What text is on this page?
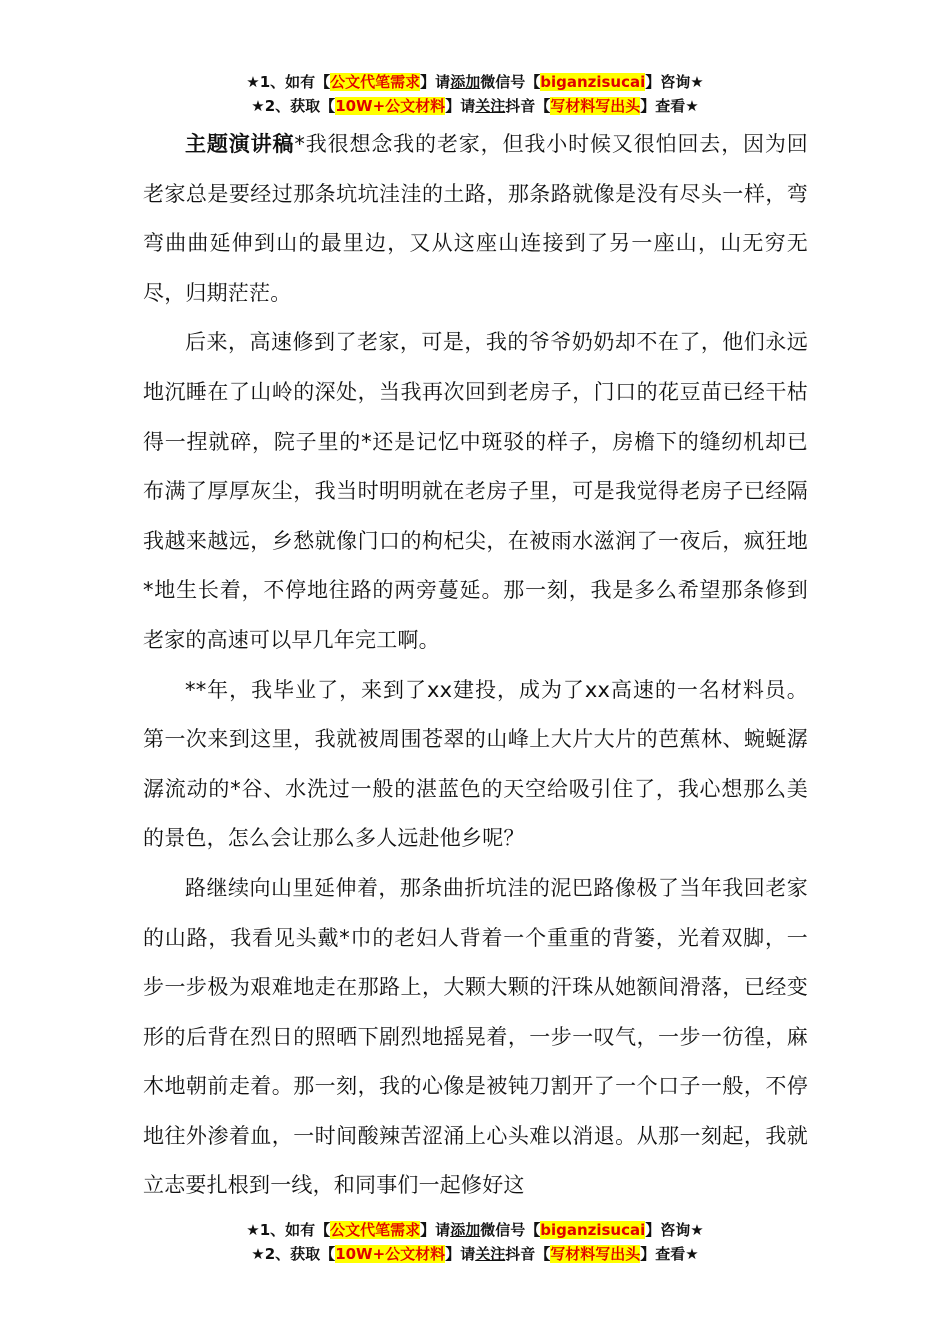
★1、如有【公文代笔需求】请添加微信号【biganzisucai】咨询★
★2、获取【10W+公文材料】请关注抖音【写材料写出头】查看★

主题演讲稿*我很想念我的老家，但我小时候又很怕回去，因为回老家总是要经过那条坑坑洼洼的土路，那条路就像是没有尽头一样，弯弯曲曲延伸到山的最里边，又从这座山连接到了另一座山，山无穷无尽，归期茫茫。

后来，高速修到了老家，可是，我的爷爷奶奶却不在了，他们永远地沉睡在了山岭的深处，当我再次回到老房子，门口的花豆苗已经干枯得一捏就碎，院子里的*还是记忆中斑驳的样子，房檐下的缝纫机却已布满了厚厚灰尘，我当时明明就在老房子里，可是我觉得老房子已经隔我越来越远，乡愁就像门口的枸杞尖，在被雨水滋润了一夜后，疯狂地*地生长着，不停地往路的两旁蔓延。那一刻，我是多么希望那条修到老家的高速可以早几年完工啊。

**年，我毕业了，来到了xx建投，成为了xx高速的一名材料员。第一次来到这里，我就被周围苍翠的山峰上大片大片的芭蕉林、蜿蜒潺潺流动的*谷、水洗过一般的湛蓝色的天空给吸引住了，我心想那么美的景色，怎么会让那么多人远赴他乡呢？

路继续向山里延伸着，那条曲折坑洼的泥巴路像极了当年我回老家的山路，我看见头戴*巾的老妇人背着一个重重的背篓，光着双脚，一步一步极为艰难地走在那路上，大颗大颗的汗珠从她额间滑落，已经变形的后背在烈日的照晒下剧烈地摇晃着，一步一叹气，一步一彷徨，麻木地朝前走着。那一刻，我的心像是被钝刀割开了一个口子一般，不停地往外渗着血，一时间酸辣苦涩涌上心头难以消退。从那一刻起，我就立志要扎根到一线，和同事们一起修好这

★1、如有【公文代笔需求】请添加微信号【biganzisucai】咨询★
★2、获取【10W+公文材料】请关注抖音【写材料写出头】查看★
